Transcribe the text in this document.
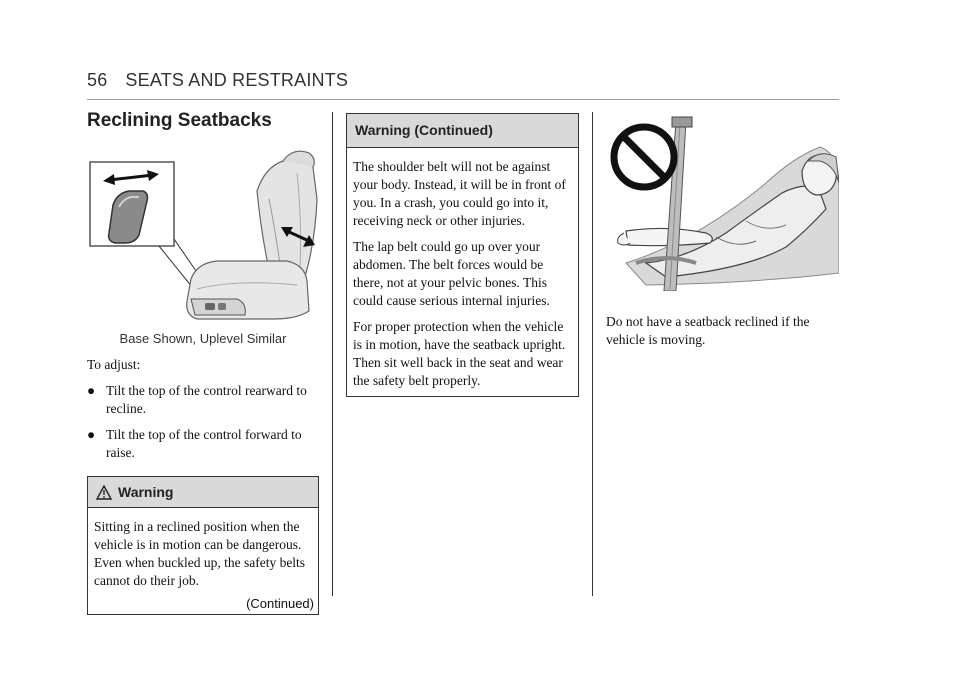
56 SEATS AND RESTRAINTS
Reclining Seatbacks
Base Shown, Uplevel Similar

To adjust:

● Tilt the top of the control rearward to recline.
● Tilt the top of the control forward to raise.
Warning

Sitting in a reclined position when the vehicle is in motion can be dangerous. Even when buckled up, the safety belts cannot do their job.

(Continued)
Warning (Continued)

The shoulder belt will not be against your body. Instead, it will be in front of you. In a crash, you could go into it, receiving neck or other injuries.

The lap belt could go up over your abdomen. The belt forces would be there, not at your pelvic bones. This could cause serious internal injuries.

For proper protection when the vehicle is in motion, have the seatback upright. Then sit well back in the seat and wear the safety belt properly.

Do not have a seatback reclined if the vehicle is moving.
